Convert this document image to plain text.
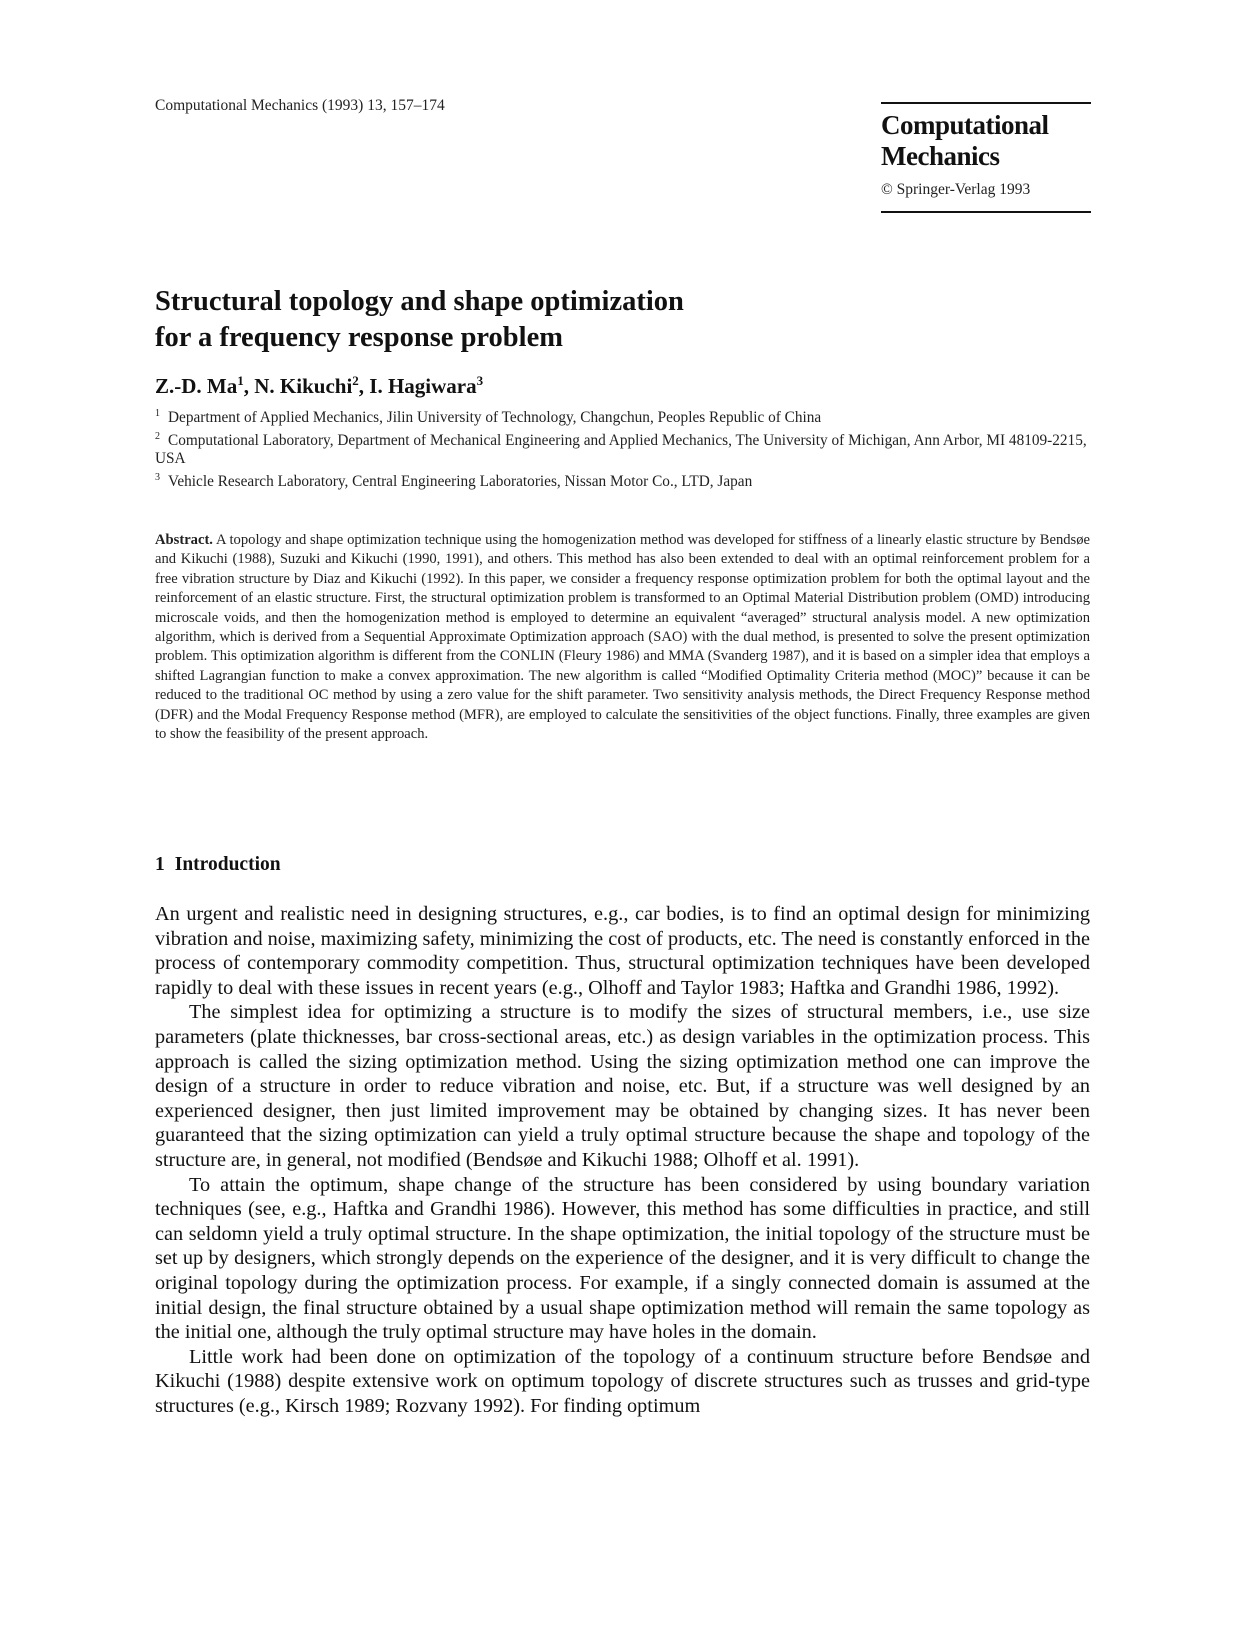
Computational Mechanics (1993) 13, 157–174
Computational
Mechanics
© Springer-Verlag 1993
Structural topology and shape optimization
for a frequency response problem
Z.-D. Ma$^1$, N. Kikuchi$^2$, I. Hagiwara$^3$

$^1$ Department of Applied Mechanics, Jilin University of Technology, Changchun, Peoples Republic of China

$^2$ Computational Laboratory, Department of Mechanical Engineering and Applied Mechanics, The University of Michigan, Ann Arbor, MI 48109-2215, USA

$^3$ Vehicle Research Laboratory, Central Engineering Laboratories, Nissan Motor Co., LTD, Japan

Abstract. A topology and shape optimization technique using the homogenization method was developed for stiffness of a linearly elastic structure by Bendsøe and Kikuchi (1988), Suzuki and Kikuchi (1990, 1991), and others. This method has also been extended to deal with an optimal reinforcement problem for a free vibration structure by Diaz and Kikuchi (1992). In this paper, we consider a frequency response optimization problem for both the optimal layout and the reinforcement of an elastic structure. First, the structural optimization problem is transformed to an Optimal Material Distribution problem (OMD) introducing microscale voids, and then the homogenization method is employed to determine an equivalent “averaged” structural analysis model. A new optimization algorithm, which is derived from a Sequential Approximate Optimization approach (SAO) with the dual method, is presented to solve the present optimization problem. This optimization algorithm is different from the CONLIN (Fleury 1986) and MMA (Svanderg 1987), and it is based on a simpler idea that employs a shifted Lagrangian function to make a convex approximation. The new algorithm is called “Modified Optimality Criteria method (MOC)” because it can be reduced to the traditional OC method by using a zero value for the shift parameter. Two sensitivity analysis methods, the Direct Frequency Response method (DFR) and the Modal Frequency Response method (MFR), are employed to calculate the sensitivities of the object functions. Finally, three examples are given to show the feasibility of the present approach.

1 Introduction

An urgent and realistic need in designing structures, e.g., car bodies, is to find an optimal design for minimizing vibration and noise, maximizing safety, minimizing the cost of products, etc. The need is constantly enforced in the process of contemporary commodity competition. Thus, structural optimization techniques have been developed rapidly to deal with these issues in recent years (e.g., Olhoff and Taylor 1983; Haftka and Grandhi 1986, 1992).

The simplest idea for optimizing a structure is to modify the sizes of structural members, i.e., use size parameters (plate thicknesses, bar cross-sectional areas, etc.) as design variables in the optimization process. This approach is called the sizing optimization method. Using the sizing optimization method one can improve the design of a structure in order to reduce vibration and noise, etc. But, if a structure was well designed by an experienced designer, then just limited improvement may be obtained by changing sizes. It has never been guaranteed that the sizing optimization can yield a truly optimal structure because the shape and topology of the structure are, in general, not modified (Bendsøe and Kikuchi 1988; Olhoff et al. 1991).

To attain the optimum, shape change of the structure has been considered by using boundary variation techniques (see, e.g., Haftka and Grandhi 1986). However, this method has some difficulties in practice, and still can seldomn yield a truly optimal structure. In the shape optimization, the initial topology of the structure must be set up by designers, which strongly depends on the experience of the designer, and it is very difficult to change the original topology during the optimization process. For example, if a singly connected domain is assumed at the initial design, the final structure obtained by a usual shape optimization method will remain the same topology as the initial one, although the truly optimal structure may have holes in the domain.

Little work had been done on optimization of the topology of a continuum structure before Bendsøe and Kikuchi (1988) despite extensive work on optimum topology of discrete structures such as trusses and grid-type structures (e.g., Kirsch 1989; Rozvany 1992). For finding optimum
